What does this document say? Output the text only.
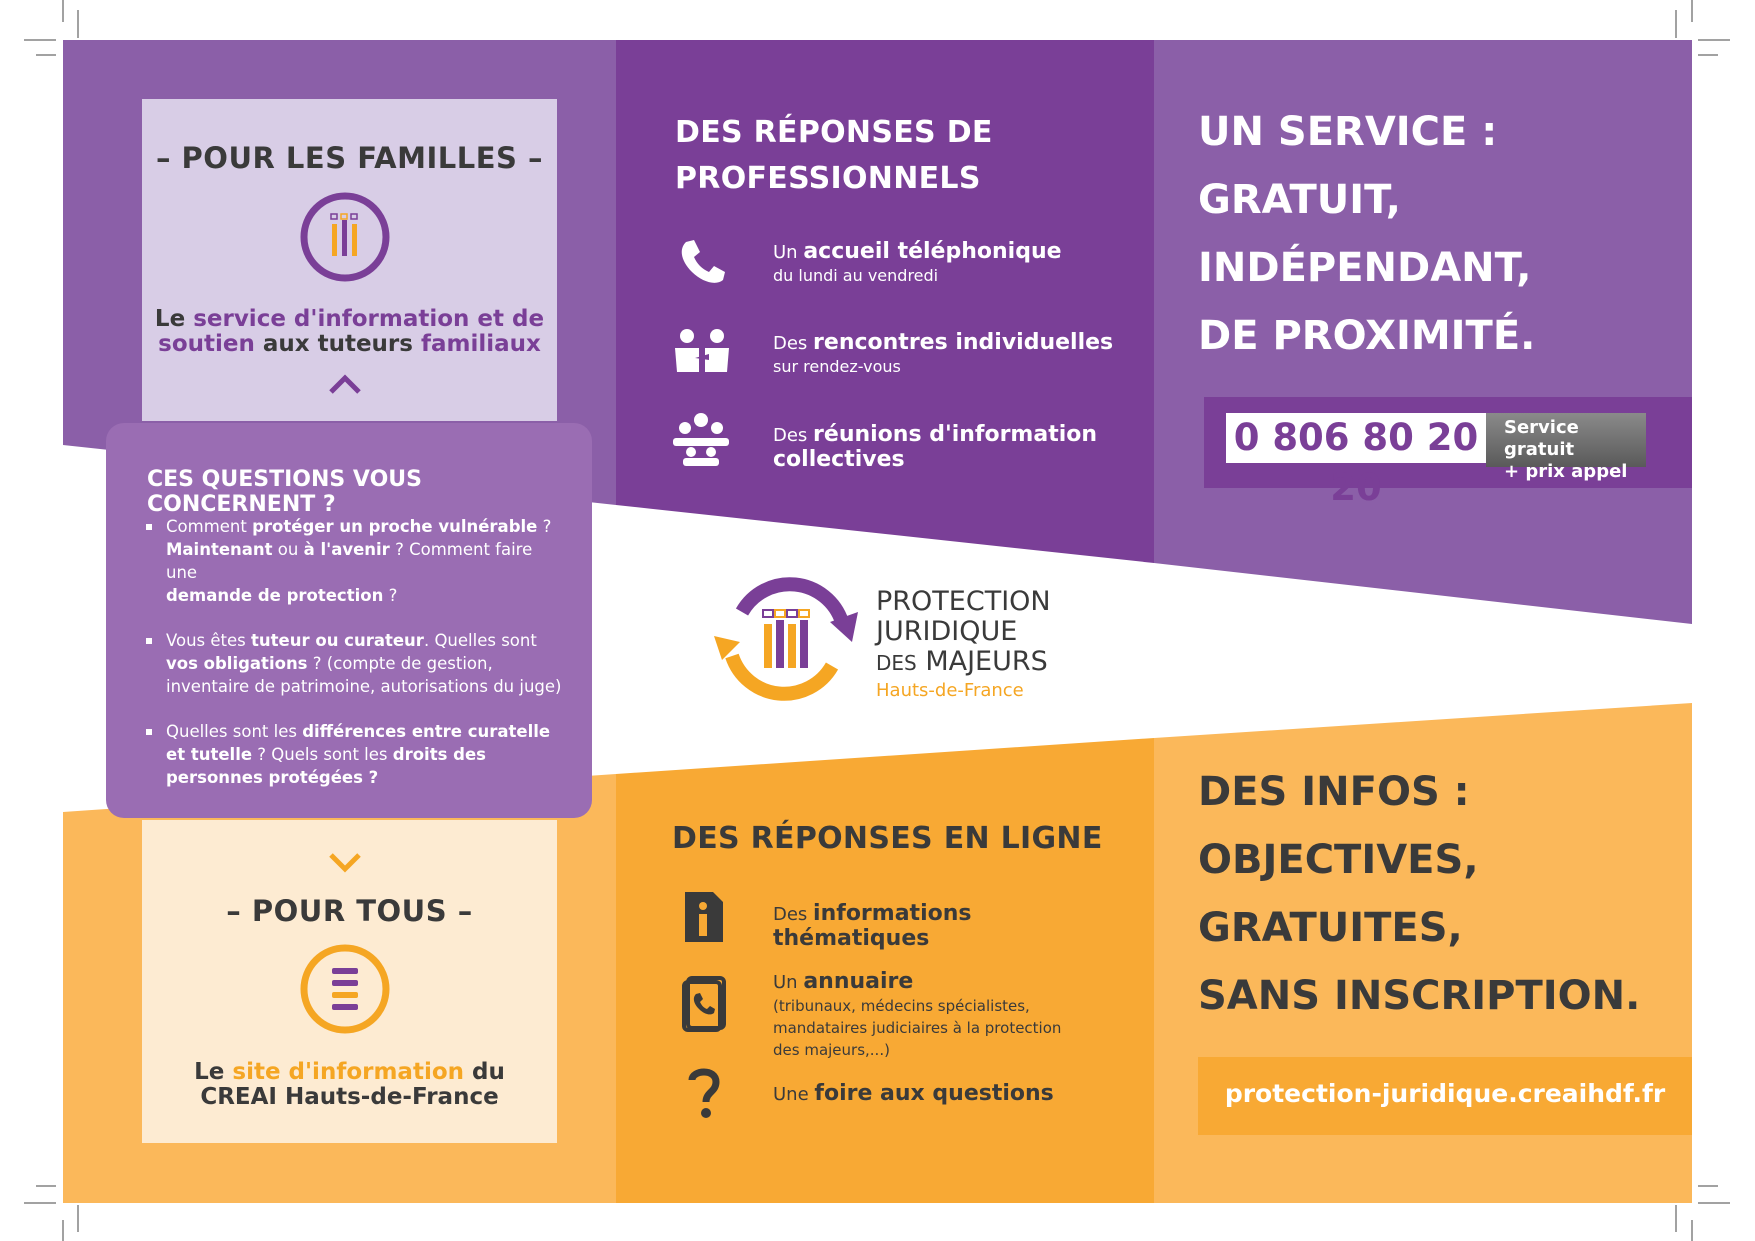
– POUR LES FAMILLES –
Le service d'information et de
soutien aux tuteurs familiaux
CES QUESTIONS VOUS CONCERNENT ?
Comment protéger un proche vulnérable ?
Maintenant ou à l'avenir ? Comment faire une
demande de protection ?
Vous êtes tuteur ou curateur. Quelles sont vos obligations ? (compte de gestion, inventaire de patrimoine, autorisations du juge)
Quelles sont les différences entre curatelle et tutelle ? Quels sont les droits des personnes protégées ?
– POUR TOUS –
Le site d'information du
CREAI Hauts-de-France
DES RÉPONSES DE
PROFESSIONNELS
Un accueil téléphonique
du lundi au vendredi
Des rencontres individuelles
sur rendez-vous
Des réunions d'information
collectives
UN SERVICE :
GRATUIT,
INDÉPENDANT,
DE PROXIMITÉ.
0 806 80 20 20
Service gratuit
+ prix appel
PROTECTION
JURIDIQUE
DES MAJEURS
Hauts-de-France
DES RÉPONSES EN LIGNE
Des informations
thématiques
Un annuaire
(tribunaux, médecins spécialistes, mandataires judiciaires à la protection des majeurs,...)
Une foire aux questions
DES INFOS :
OBJECTIVES,
GRATUITES,
SANS INSCRIPTION.
protection-juridique.creaihdf.fr
